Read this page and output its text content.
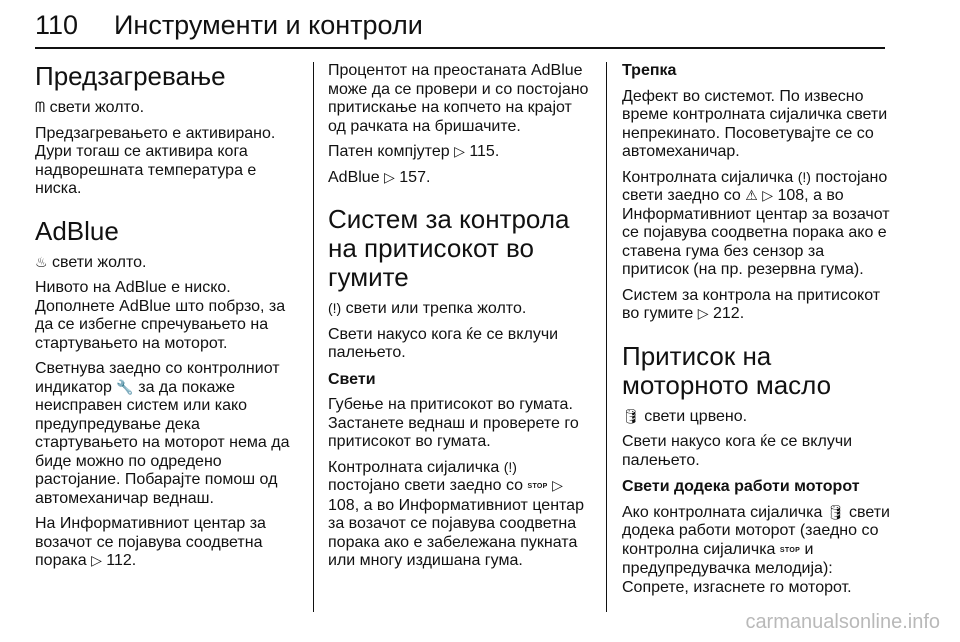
110 Инструменти и контроли
Предзагревање

ᗰ свети жолто.

Предзагревањето е активирано. Дури тогаш се активира кога надворешната температура е ниска.

AdBlue

♨ свети жолто.

Нивото на AdBlue е ниско. Дополнете AdBlue што побрзо, за да се избегне спречувањето на стартувањето на моторот.

Светнува заедно со контролниот индикатор 🔧 за да покаже неисправен систем или како предупредување дека стартувањето на моторот нема да биде можно по одредено растојание. Побарајте помош од автомеханичар веднаш.

На Информативниот центар за возачот се појавува соодветна порака ▷ 112.

Процентот на преостаната AdBlue може да се провери и со постојано притискање на копчето на крајот од рачката на бришачите.

Патен компјутер ▷ 115.

AdBlue ▷ 157.

Систем за контрола на притисокот во гумите

(!) свети или трепка жолто.

Свети накусо кога ќе се вклучи палењето.

Свети

Губење на притисокот во гумата. Застанете веднаш и проверете го притисокот во гумата.

Контролната сијаличка (!) постојано свети заедно со STOP ▷ 108, а во Информативниот центар за возачот се појавува соодветна порака ако е забележана пукната или многу издишана гума.

Трепка

Дефект во системот. По извесно време контролната сијаличка свети непрекинато. Посоветувајте се со автомеханичар.

Контролната сијаличка (!) постојано свети заедно со ⚠ ▷ 108, а во Информативниот центар за возачот се појавува соодветна порака ако е ставена гума без сензор за притисок (на пр. резервна гума).

Систем за контрола на притисокот во гумите ▷ 212.

Притисок на моторното масло

🛢 свети црвено.

Свети накусо кога ќе се вклучи палењето.

Свети додека работи моторот

Ако контролната сијаличка 🛢 свети додека работи моторот (заедно со контролна сијаличка STOP и предупредувачка мелодија): Сопрете, изгаснете го моторот.

carmanualsonline.info
